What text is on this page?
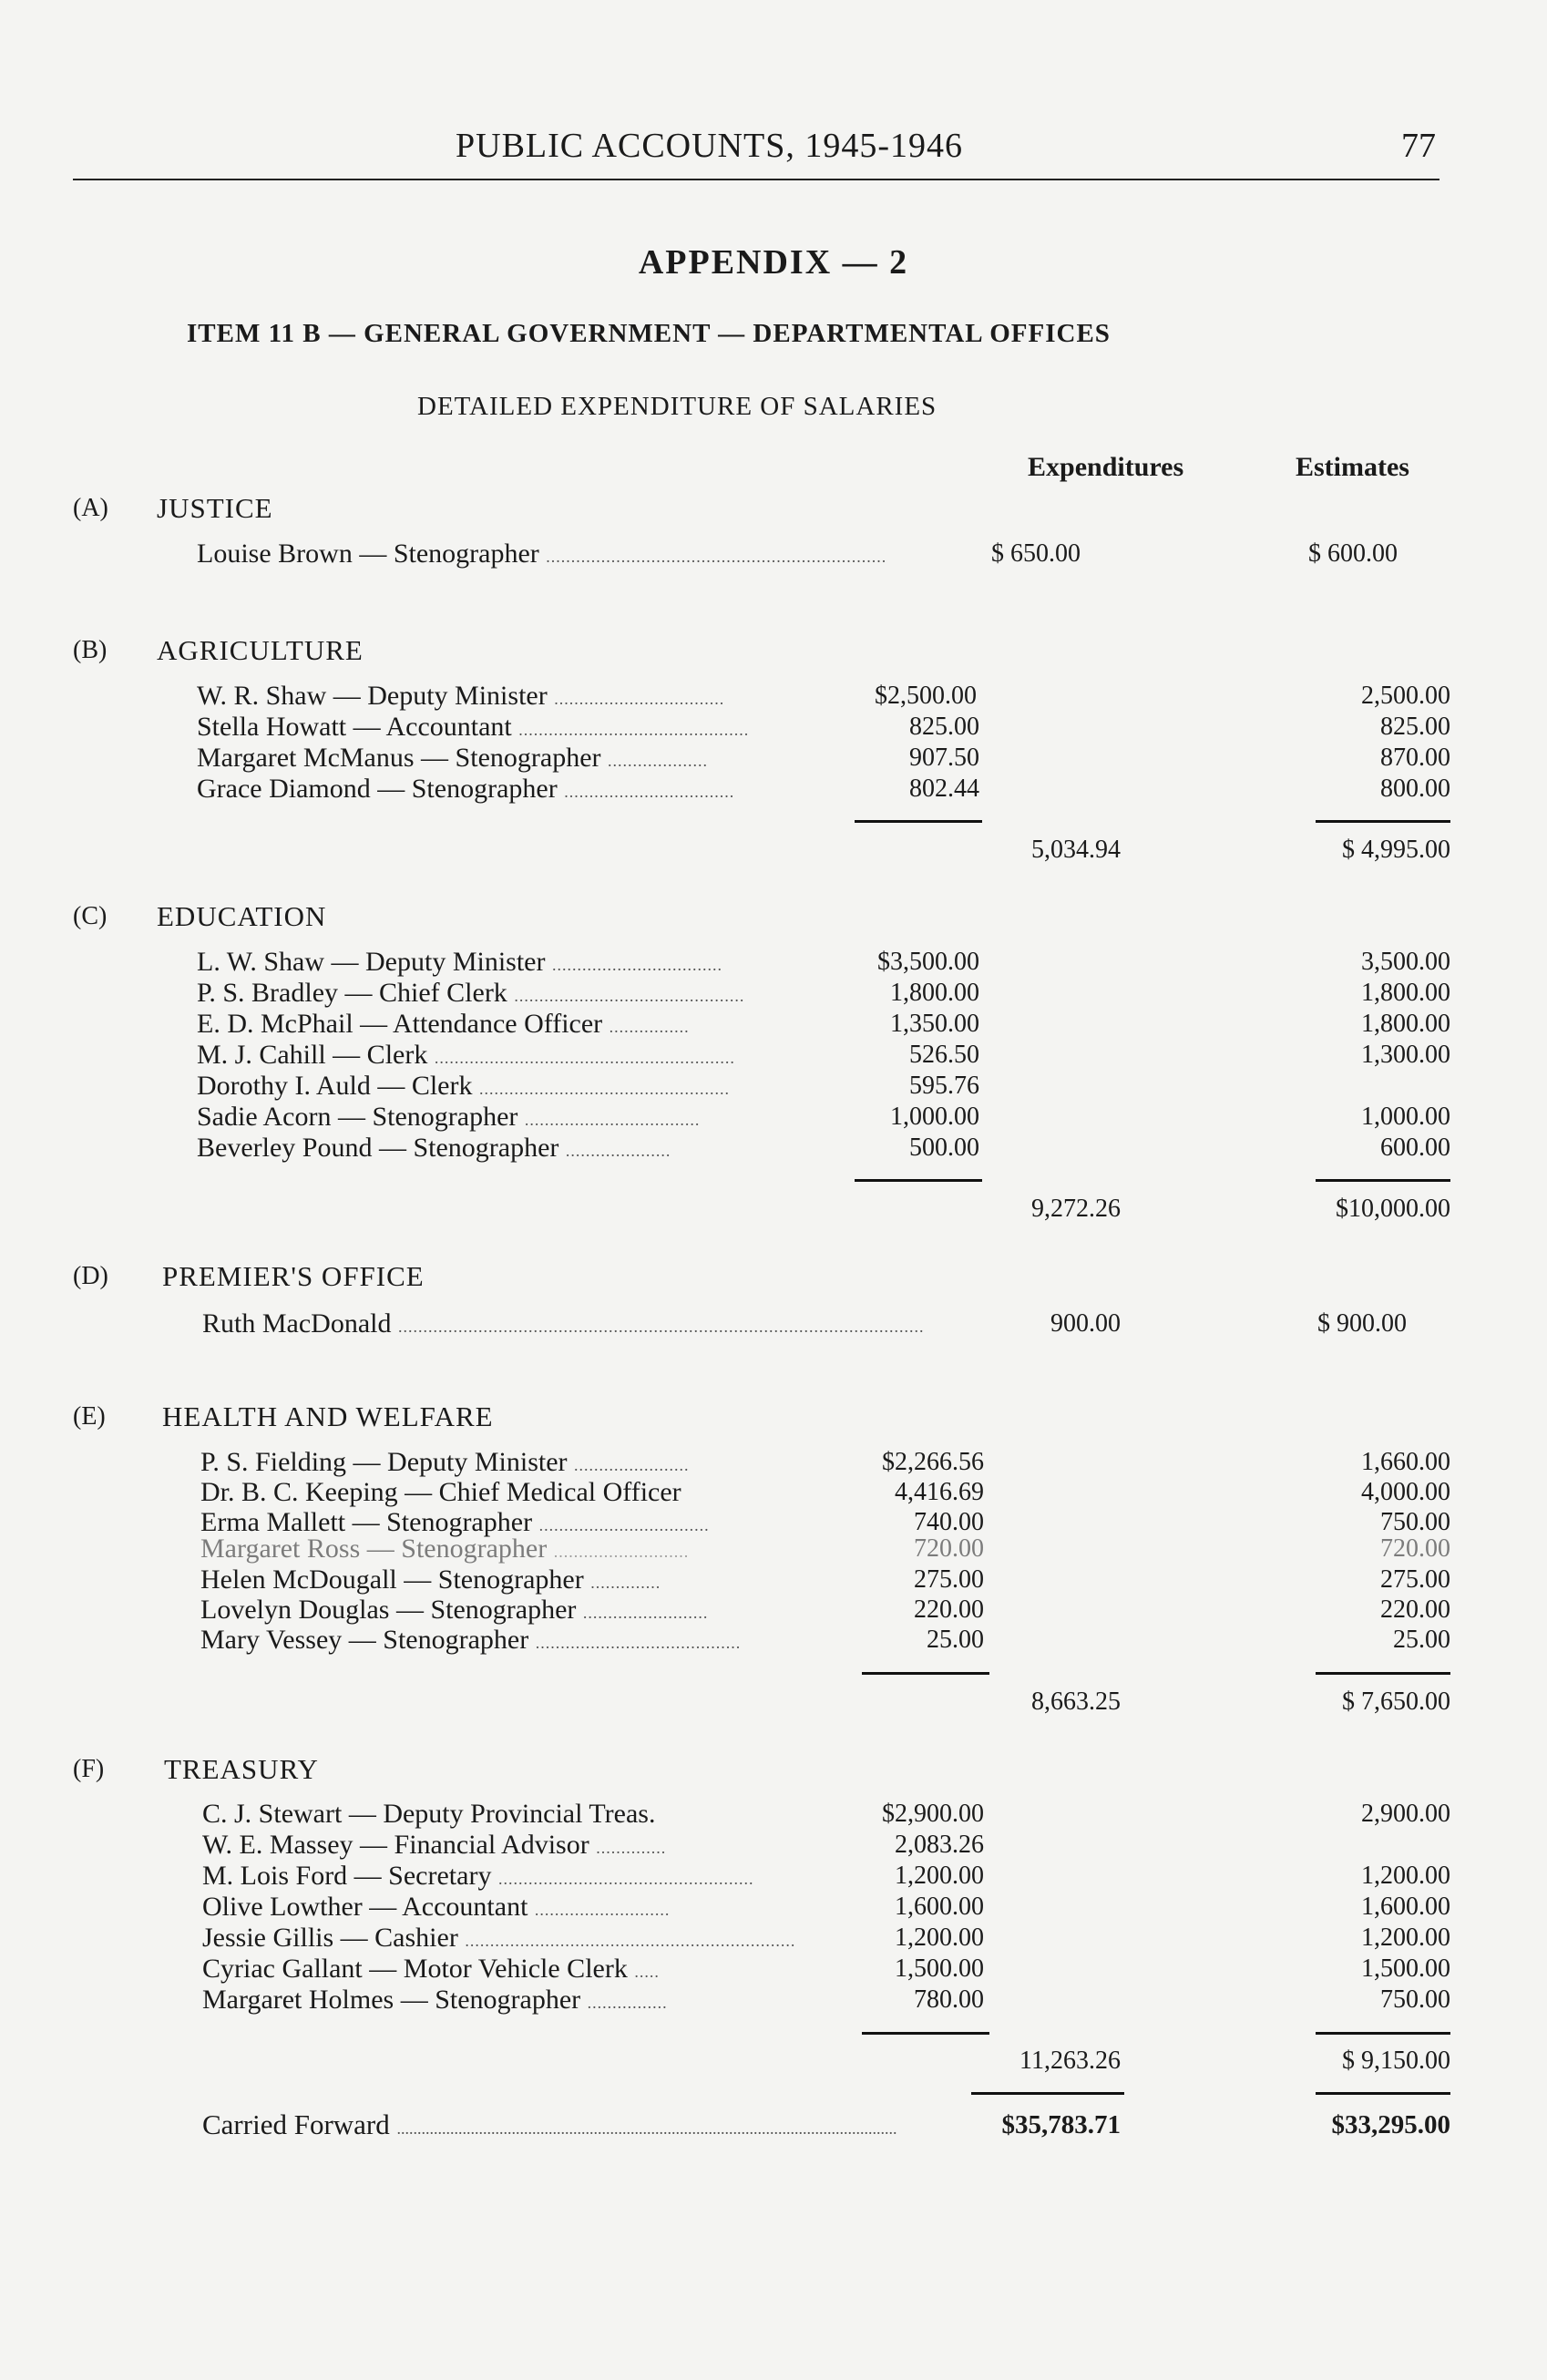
PUBLIC ACCOUNTS, 1945-1946	77
APPENDIX — 2
ITEM 11 B — GENERAL GOVERNMENT — DEPARTMENTAL OFFICES
DETAILED EXPENDITURE OF SALARIES
Expenditures	Estimates
(A) JUSTICE
Louise Brown — Stenographer ....................................................................	$ 650.00	$ 600.00
(B) AGRICULTURE
W. R. Shaw — Deputy Minister ..................................	$2,500.00	2,500.00
Stella Howatt — Accountant ..............................................	825.00	825.00
Margaret McManus — Stenographer ....................	907.50	870.00
Grace Diamond — Stenographer ..................................	802.44	800.00
5,034.94	$ 4,995.00
(C) EDUCATION
L. W. Shaw — Deputy Minister ..................................	$3,500.00	3,500.00
P. S. Bradley — Chief Clerk ..............................................	1,800.00	1,800.00
E. D. McPhail — Attendance Officer ................	1,350.00	1,800.00
M. J. Cahill — Clerk ............................................................	526.50	1,300.00
Dorothy I. Auld — Clerk ..................................................	595.76
Sadie Acorn — Stenographer ...................................	1,000.00	1,000.00
Beverley Pound — Stenographer .....................	500.00	600.00
9,272.26	$10,000.00
(D) PREMIER'S OFFICE
Ruth MacDonald .........................................................................................................	900.00	$ 900.00
(E) HEALTH AND WELFARE
P. S. Fielding — Deputy Minister .......................	$2,266.56	1,660.00
Dr. B. C. Keeping — Chief Medical Officer	4,416.69	4,000.00
Erma Mallett — Stenographer ..................................	740.00	750.00
Margaret Ross — Stenographer ...........................	720.00	720.00
Helen McDougall — Stenographer ..............	275.00	275.00
Lovelyn Douglas — Stenographer .........................	220.00	220.00
Mary Vessey — Stenographer .........................................	25.00	25.00
8,663.25	$ 7,650.00
(F) TREASURY
C. J. Stewart — Deputy Provincial Treas.	$2,900.00	2,900.00
W. E. Massey — Financial Advisor ..............	2,083.26
M. Lois Ford — Secretary ...................................................	1,200.00	1,200.00
Olive Lowther — Accountant ...........................	1,600.00	1,600.00
Jessie Gillis — Cashier ..................................................................	1,200.00	1,200.00
Cyriac Gallant — Motor Vehicle Clerk .....	1,500.00	1,500.00
Margaret Holmes — Stenographer ................	780.00	750.00
11,263.26	$ 9,150.00
Carried Forward ..........................................................................................................................	$35,783.71	$33,295.00
